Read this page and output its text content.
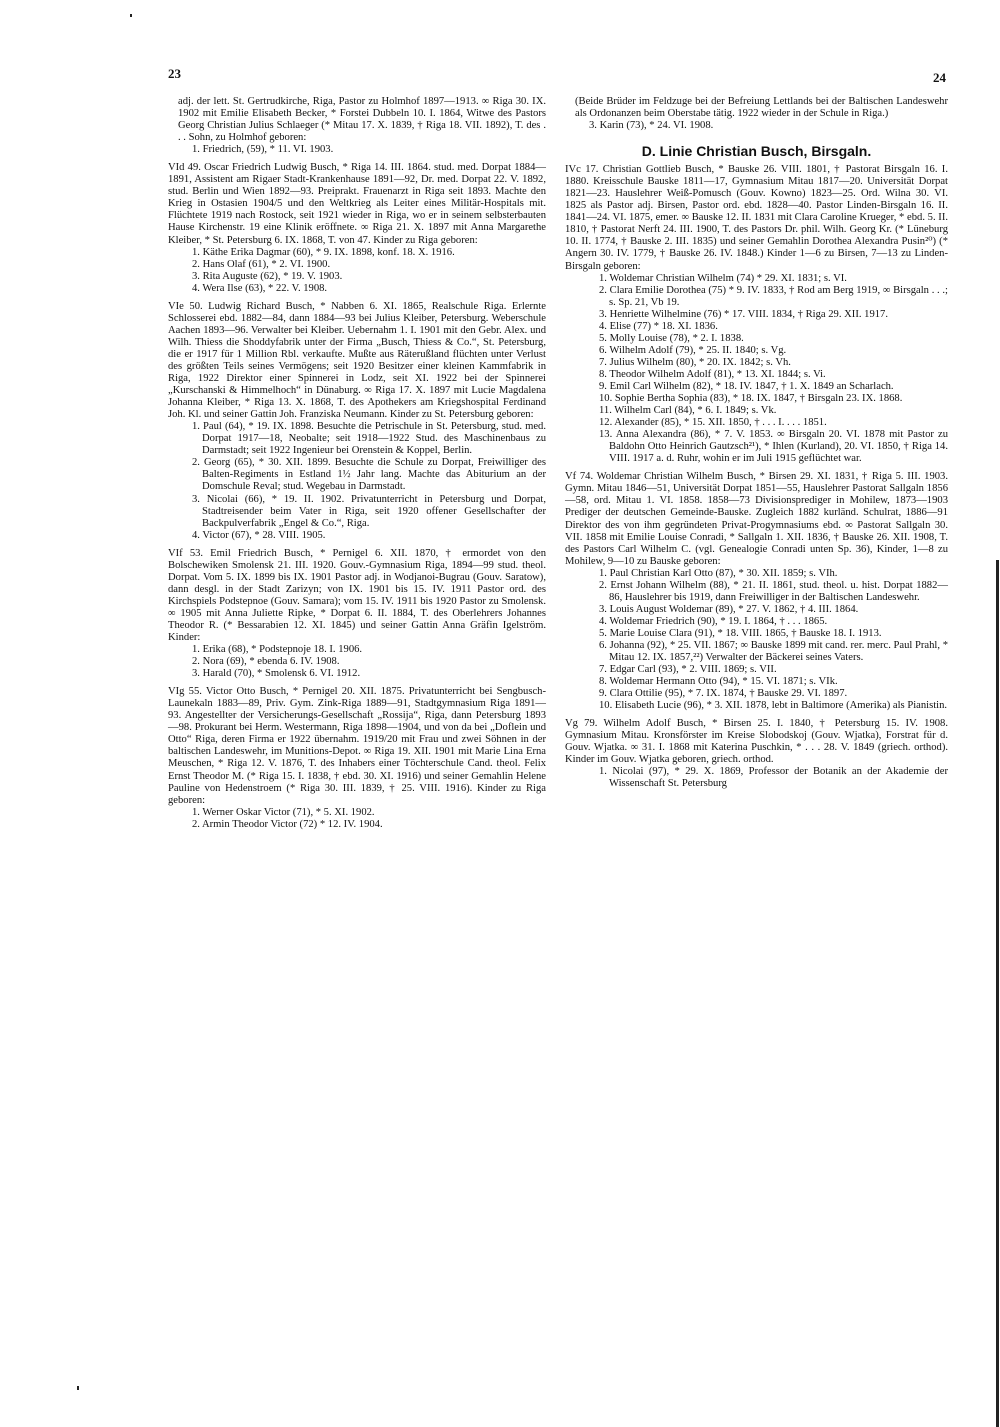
23	24

adj. der lett. St. Gertrudkirche, Riga, Pastor zu Holmhof 1897—1913. ∞ Riga 30. IX. 1902 mit Emilie Elisabeth Becker, * Forstei Dubbeln 10. I. 1864, Witwe des Pastors Georg Christian Julius Schlaeger (* Mitau 17. X. 1839, † Riga 18. VII. 1892), T. des . . . Sohn, zu Holmhof geboren:

1. Friedrich, (59), * 11. VI. 1903.

VId 49. Oscar Friedrich Ludwig Busch, * Riga 14. III. 1864. stud. med. Dorpat 1884—1891, Assistent am Rigaer Stadt-Krankenhause 1891—92, Dr. med. Dorpat 22. V. 1892, stud. Berlin und Wien 1892—93. Preiprakt. Frauenarzt in Riga seit 1893. Machte den Krieg in Ostasien 1904/5 und den Weltkrieg als Leiter eines Militär-Hospitals mit. Flüchtete 1919 nach Rostock, seit 1921 wieder in Riga, wo er in seinem selbsterbauten Hause Kirchenstr. 19 eine Klinik eröffnete. ∞ Riga 21. X. 1897 mit Anna Margarethe Kleiber, * St. Petersburg 6. IX. 1868, T. von 47. Kinder zu Riga geboren:

1. Käthe Erika Dagmar (60), * 9. IX. 1898, konf. 18. X. 1916.

2. Hans Olaf (61), * 2. VI. 1900.

3. Rita Auguste (62), * 19. V. 1903.

4. Wera Ilse (63), * 22. V. 1908.

VIe 50. Ludwig Richard Busch, * Nabben 6. XI. 1865, Realschule Riga. Erlernte Schlosserei ebd. 1882—84, dann 1884—93 bei Julius Kleiber, Petersburg. Weberschule Aachen 1893—96. Verwalter bei Kleiber. Uebernahm 1. I. 1901 mit den Gebr. Alex. und Wilh. Thiess die Shoddyfabrik unter der Firma „Busch, Thiess & Co.“, St. Petersburg, die er 1917 für 1 Million Rbl. verkaufte. Mußte aus Räterußland flüchten unter Verlust des größten Teils seines Vermögens; seit 1920 Besitzer einer kleinen Kammfabrik in Riga, 1922 Direktor einer Spinnerei in Lodz, seit XI. 1922 bei der Spinnerei „Kurschanski & Himmelhoch“ in Dünaburg. ∞ Riga 17. X. 1897 mit Lucie Magdalena Johanna Kleiber, * Riga 13. X. 1868, T. des Apothekers am Kriegshospital Ferdinand Joh. Kl. und seiner Gattin Joh. Franziska Neumann. Kinder zu St. Petersburg geboren:

1. Paul (64), * 19. IX. 1898. Besuchte die Petrischule in St. Petersburg, stud. med. Dorpat 1917—18, Neobalte; seit 1918—1922 Stud. des Maschinenbaus zu Darmstadt; seit 1922 Ingenieur bei Orenstein & Koppel, Berlin.

2. Georg (65), * 30. XII. 1899. Besuchte die Schule zu Dorpat, Freiwilliger des Balten-Regiments in Estland 1½ Jahr lang. Machte das Abiturium an der Domschule Reval; stud. Wegebau in Darmstadt.

3. Nicolai (66), * 19. II. 1902. Privatunterricht in Petersburg und Dorpat, Stadtreisender beim Vater in Riga, seit 1920 offener Gesellschafter der Backpulverfabrik „Engel & Co.“, Riga.

4. Victor (67), * 28. VIII. 1905.

VIf 53. Emil Friedrich Busch, * Pernigel 6. XII. 1870, † ermordet von den Bolschewiken Smolensk 21. III. 1920. Gouv.-Gymnasium Riga, 1894—99 stud. theol. Dorpat. Vom 5. IX. 1899 bis IX. 1901 Pastor adj. in Wodjanoi-Bugrau (Gouv. Saratow), dann desgl. in der Stadt Zarizyn; von IX. 1901 bis 15. IV. 1911 Pastor ord. des Kirchspiels Podstepnoe (Gouv. Samara); vom 15. IV. 1911 bis 1920 Pastor zu Smolensk. ∞ 1905 mit Anna Juliette Ripke, * Dorpat 6. II. 1884, T. des Oberlehrers Johannes Theodor R. (* Bessarabien 12. XI. 1845) und seiner Gattin Anna Gräfin Igelström. Kinder:

1. Erika (68), * Podstepnoje 18. I. 1906.

2. Nora (69), * ebenda 6. IV. 1908.

3. Harald (70), * Smolensk 6. VI. 1912.

VIg 55. Victor Otto Busch, * Pernigel 20. XII. 1875. Privatunterricht bei Sengbusch-Launekaln 1883—89, Priv. Gym. Zink-Riga 1889—91, Stadtgymnasium Riga 1891—93. Angestellter der Versicherungs-Gesellschaft „Rossija“, Riga, dann Petersburg 1893—98. Prokurant bei Herm. Westermann, Riga 1898—1904, und von da bei „Doflein und Otto“ Riga, deren Firma er 1922 übernahm. 1919/20 mit Frau und zwei Söhnen in der baltischen Landeswehr, im Munitions-Depot. ∞ Riga 19. XII. 1901 mit Marie Lina Erna Meuschen, * Riga 12. V. 1876, T. des Inhabers einer Töchterschule Cand. theol. Felix Ernst Theodor M. (* Riga 15. I. 1838, † ebd. 30. XI. 1916) und seiner Gemahlin Helene Pauline von Hedenstroem (* Riga 30. III. 1839, † 25. VIII. 1916). Kinder zu Riga geboren:

1. Werner Oskar Victor (71), * 5. XI. 1902.

2. Armin Theodor Victor (72) * 12. IV. 1904.

(Beide Brüder im Feldzuge bei der Befreiung Lettlands bei der Baltischen Landeswehr als Ordonanzen beim Oberstabe tätig. 1922 wieder in der Schule in Riga.)

3. Karin (73), * 24. VI. 1908.

D. Linie Christian Busch, Birsgaln.

IVc 17. Christian Gottlieb Busch, * Bauske 26. VIII. 1801, † Pastorat Birsgaln 16. I. 1880. Kreisschule Bauske 1811—17, Gymnasium Mitau 1817—20. Universität Dorpat 1821—23. Hauslehrer Weiß-Pomusch (Gouv. Kowno) 1823—25. Ord. Wilna 30. VI. 1825 als Pastor adj. Birsen, Pastor ord. ebd. 1828—40. Pastor Linden-Birsgaln 16. II. 1841—24. VI. 1875, emer. ∞ Bauske 12. II. 1831 mit Clara Caroline Krueger, * ebd. 5. II. 1810, † Pastorat Nerft 24. III. 1900, T. des Pastors Dr. phil. Wilh. Georg Kr. (* Lüneburg 10. II. 1774, † Bauske 2. III. 1835) und seiner Gemahlin Dorothea Alexandra Pusin²⁰) (* Angern 30. IV. 1779, † Bauske 26. IV. 1848.) Kinder 1—6 zu Birsen, 7—13 zu Linden-Birsgaln geboren:

1. Woldemar Christian Wilhelm (74) * 29. XI. 1831; s. VI.

2. Clara Emilie Dorothea (75) * 9. IV. 1833, † Rod am Berg 1919, ∞ Birsgaln . . .; s. Sp. 21, Vb 19.

3. Henriette Wilhelmine (76) * 17. VIII. 1834, † Riga 29. XII. 1917.

4. Elise (77) * 18. XI. 1836.

5. Molly Louise (78), * 2. I. 1838.

6. Wilhelm Adolf (79), * 25. II. 1840; s. Vg.

7. Julius Wilhelm (80), * 20. IX. 1842; s. Vh.

8. Theodor Wilhelm Adolf (81), * 13. XI. 1844; s. Vi.

9. Emil Carl Wilhelm (82), * 18. IV. 1847, † 1. X. 1849 an Scharlach.

10. Sophie Bertha Sophia (83), * 18. IX. 1847, † Birsgaln 23. IX. 1868.

11. Wilhelm Carl (84), * 6. I. 1849; s. Vk.

12. Alexander (85), * 15. XII. 1850, † . . . I. . . . 1851.

13. Anna Alexandra (86), * 7. V. 1853. ∞ Birsgaln 20. VI. 1878 mit Pastor zu Baldohn Otto Heinrich Gautzsch²¹), * Ihlen (Kurland), 20. VI. 1850, † Riga 14. VIII. 1917 a. d. Ruhr, wohin er im Juli 1915 geflüchtet war.

Vf 74. Woldemar Christian Wilhelm Busch, * Birsen 29. XI. 1831, † Riga 5. III. 1903. Gymn. Mitau 1846—51, Universität Dorpat 1851—55, Hauslehrer Pastorat Sallgaln 1856—58, ord. Mitau 1. VI. 1858. 1858—73 Divisionsprediger in Mohilew, 1873—1903 Prediger der deutschen Gemeinde-Bauske. Zugleich 1882 kurländ. Schulrat, 1886—91 Direktor des von ihm gegründeten Privat-Progymnasiums ebd. ∞ Pastorat Sallgaln 30. VII. 1858 mit Emilie Louise Conradi, * Sallgaln 1. XII. 1836, † Bauske 26. XII. 1908, T. des Pastors Carl Wilhelm C. (vgl. Genealogie Conradi unten Sp. 36), Kinder, 1—8 zu Mohilew, 9—10 zu Bauske geboren:

1. Paul Christian Karl Otto (87), * 30. XII. 1859; s. VIh.

2. Ernst Johann Wilhelm (88), * 21. II. 1861, stud. theol. u. hist. Dorpat 1882—86, Hauslehrer bis 1919, dann Freiwilliger in der Baltischen Landeswehr.

3. Louis August Woldemar (89), * 27. V. 1862, † 4. III. 1864.

4. Woldemar Friedrich (90), * 19. I. 1864, † . . . 1865.

5. Marie Louise Clara (91), * 18. VIII. 1865, † Bauske 18. I. 1913.

6. Johanna (92), * 25. VII. 1867; ∞ Bauske 1899 mit cand. rer. merc. Paul Prahl, * Mitau 12. IX. 1857,²²) Verwalter der Bäckerei seines Vaters.

7. Edgar Carl (93), * 2. VIII. 1869; s. VII.

8. Woldemar Hermann Otto (94), * 15. VI. 1871; s. VIk.

9. Clara Ottilie (95), * 7. IX. 1874, † Bauske 29. VI. 1897.

10. Elisabeth Lucie (96), * 3. XII. 1878, lebt in Baltimore (Amerika) als Pianistin.

Vg 79. Wilhelm Adolf Busch, * Birsen 25. I. 1840, † Petersburg 15. IV. 1908. Gymnasium Mitau. Kronsförster im Kreise Slobodskoj (Gouv. Wjatka), Forstrat für d. Gouv. Wjatka. ∞ 31. I. 1868 mit Katerina Puschkin, * . . . 28. V. 1849 (griech. orthod). Kinder im Gouv. Wjatka geboren, griech. orthod.

1. Nicolai (97), * 29. X. 1869, Professor der Botanik an der Akademie der Wissenschaft St. Petersburg
